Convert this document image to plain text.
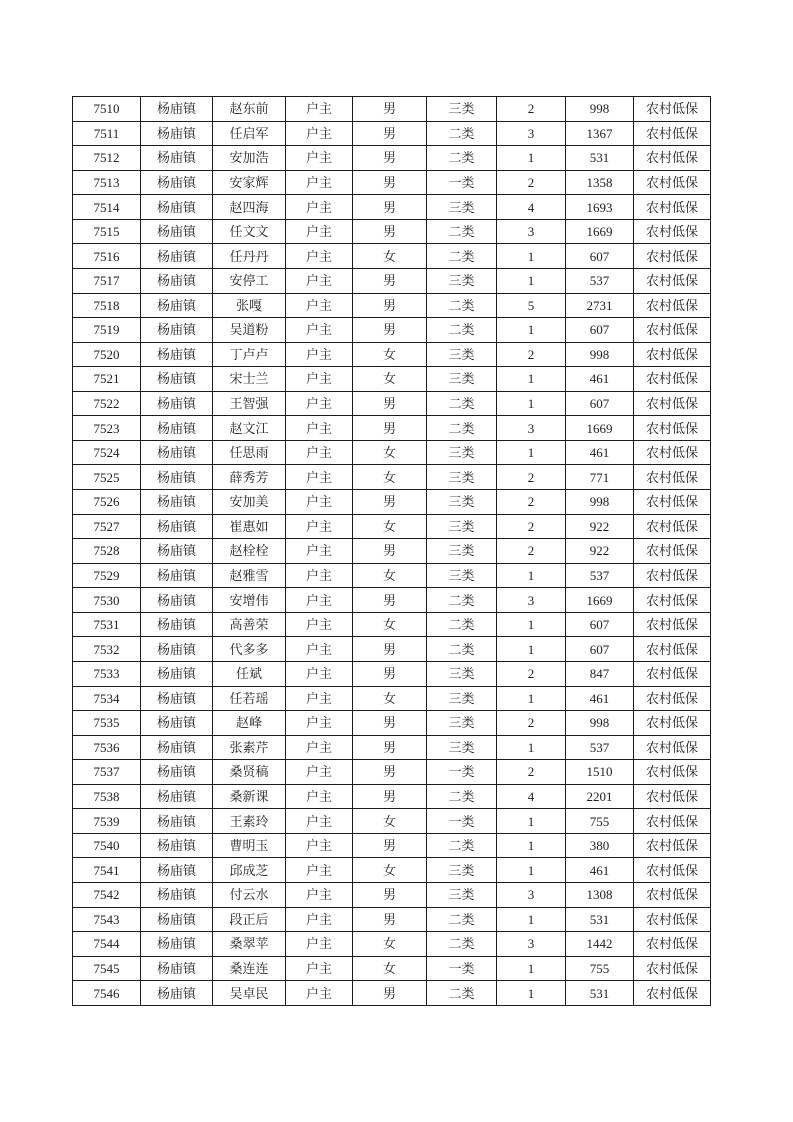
7510	杨庙镇	赵东前	户主	男	三类	2	998	农村低保
7511	杨庙镇	任启军	户主	男	二类	3	1367	农村低保
7512	杨庙镇	安加浩	户主	男	二类	1	531	农村低保
7513	杨庙镇	安家辉	户主	男	一类	2	1358	农村低保
7514	杨庙镇	赵四海	户主	男	三类	4	1693	农村低保
7515	杨庙镇	任文文	户主	男	二类	3	1669	农村低保
7516	杨庙镇	任丹丹	户主	女	二类	1	607	农村低保
7517	杨庙镇	安停工	户主	男	三类	1	537	农村低保
7518	杨庙镇	张嘎	户主	男	二类	5	2731	农村低保
7519	杨庙镇	吴道粉	户主	男	二类	1	607	农村低保
7520	杨庙镇	丁卢卢	户主	女	三类	2	998	农村低保
7521	杨庙镇	宋士兰	户主	女	三类	1	461	农村低保
7522	杨庙镇	王智强	户主	男	二类	1	607	农村低保
7523	杨庙镇	赵文江	户主	男	二类	3	1669	农村低保
7524	杨庙镇	任思雨	户主	女	三类	1	461	农村低保
7525	杨庙镇	薛秀芳	户主	女	三类	2	771	农村低保
7526	杨庙镇	安加美	户主	男	三类	2	998	农村低保
7527	杨庙镇	崔惠如	户主	女	三类	2	922	农村低保
7528	杨庙镇	赵栓栓	户主	男	三类	2	922	农村低保
7529	杨庙镇	赵雅雪	户主	女	三类	1	537	农村低保
7530	杨庙镇	安增伟	户主	男	二类	3	1669	农村低保
7531	杨庙镇	高善荣	户主	女	二类	1	607	农村低保
7532	杨庙镇	代多多	户主	男	二类	1	607	农村低保
7533	杨庙镇	任斌	户主	男	三类	2	847	农村低保
7534	杨庙镇	任若瑶	户主	女	三类	1	461	农村低保
7535	杨庙镇	赵峰	户主	男	三类	2	998	农村低保
7536	杨庙镇	张素芹	户主	男	三类	1	537	农村低保
7537	杨庙镇	桑贤稿	户主	男	一类	2	1510	农村低保
7538	杨庙镇	桑新课	户主	男	二类	4	2201	农村低保
7539	杨庙镇	王素玲	户主	女	一类	1	755	农村低保
7540	杨庙镇	曹明玉	户主	男	二类	1	380	农村低保
7541	杨庙镇	邱成芝	户主	女	三类	1	461	农村低保
7542	杨庙镇	付云水	户主	男	三类	3	1308	农村低保
7543	杨庙镇	段正后	户主	男	二类	1	531	农村低保
7544	杨庙镇	桑翠苹	户主	女	二类	3	1442	农村低保
7545	杨庙镇	桑连连	户主	女	一类	1	755	农村低保
7546	杨庙镇	吴卓民	户主	男	二类	1	531	农村低保
